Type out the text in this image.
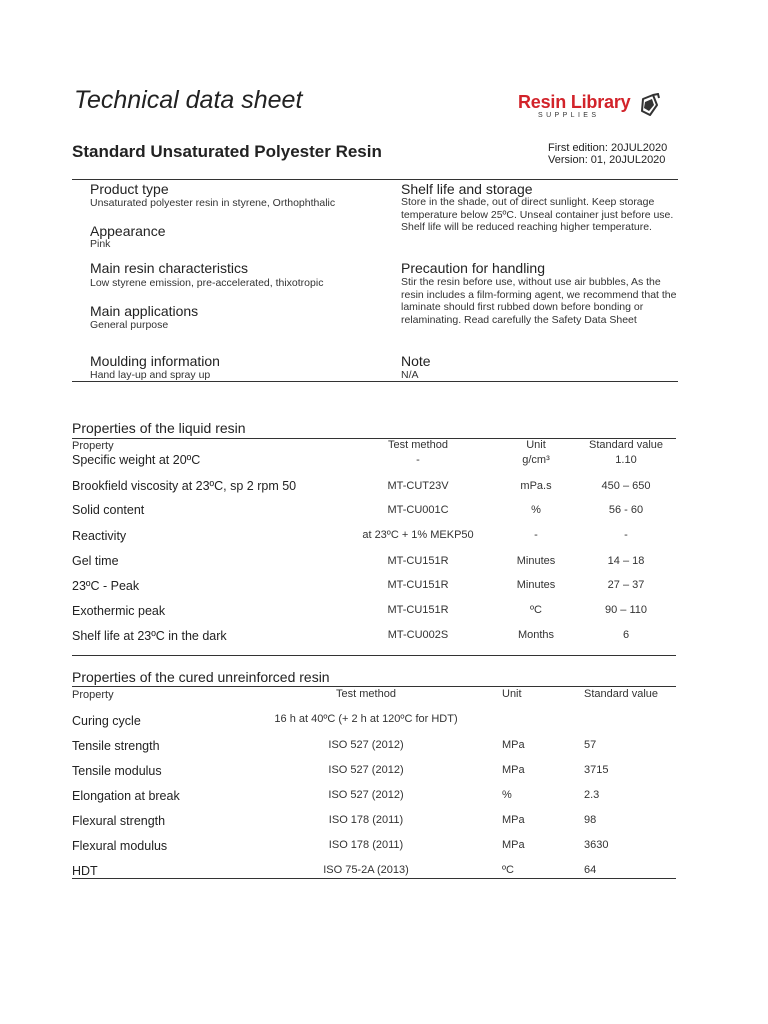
Technical data sheet	Resin Library
SUPPLIES
Standard Unsaturated Polyester Resin	First edition: 20JUL2020
Version: 01, 20JUL2020
Product type
Unsaturated polyester resin in styrene, Orthophthalic
Appearance
Pink
Main resin characteristics
Low styrene emission, pre-accelerated, thixotropic
Main applications
General purpose
Moulding information
Hand lay-up and spray up
Shelf life and storage
Store in the shade, out of direct sunlight. Keep storage temperature below 25ºC. Unseal container just before use. Shelf life will be reduced reaching higher temperature.
Precaution for handling
Stir the resin before use, without use air bubbles, As the resin includes a film-forming agent, we recommend that the laminate should first rubbed down before bonding or relaminating. Read carefully the Safety Data Sheet
Note
N/A
Properties of the liquid resin
Property	Test method	Unit	Standard value
Specific weight at 20ºC	-	g/cm³	1.10
Brookfield viscosity at 23ºC, sp 2 rpm 50	MT-CUT23V	mPa.s	450 – 650
Solid content	MT-CU001C	%	56 - 60
Reactivity	at 23ºC + 1% MEKP50	-	-
Gel time	MT-CU151R	Minutes	14 – 18
23ºC - Peak	MT-CU151R	Minutes	27 – 37
Exothermic peak	MT-CU151R	ºC	90 – 110
Shelf life at 23ºC in the dark	MT-CU002S	Months	6
Properties of the cured unreinforced resin
Property	Test method	Unit	Standard value
Curing cycle	16 h at 40ºC (+ 2 h at 120ºC for HDT)
Tensile strength	ISO 527 (2012)	MPa	57
Tensile modulus	ISO 527 (2012)	MPa	3715
Elongation at break	ISO 527 (2012)	%	2.3
Flexural strength	ISO 178 (2011)	MPa	98
Flexural modulus	ISO 178 (2011)	MPa	3630
HDT	ISO 75-2A (2013)	ºC	64
